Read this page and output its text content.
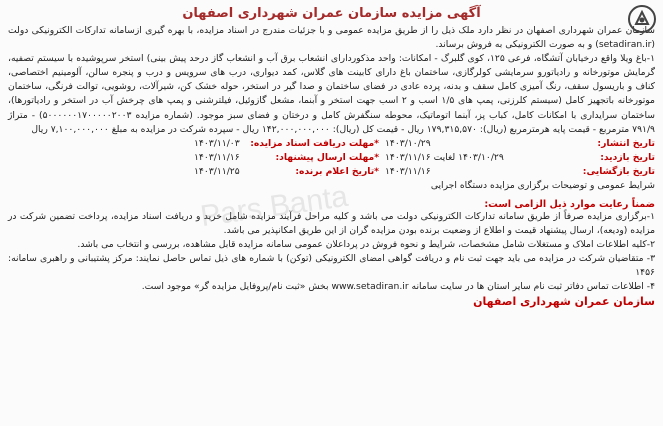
آگهی مزایده سازمان عمران شهرداری اصفهان

سازمان عمران شهرداری اصفهان در نظر دارد ملک ذیل را از طریق مزایده عمومی و با جزئیات مندرج در اسناد مزایده، با بهره گیری ازسامانه تدارکات الکترونیکی دولت (setadiran.ir) و به صورت الکترونیکی به فروش برساند.

۱-باغ ویلا واقع درخیابان آتشگاه، فرعی ۱۲۵، کوی گلبرگ - امکانات: واحد مذکوردارای انشعاب برق آب و انشعاب گاز درحد پیش بینی) استخر سرپوشیده با سیستم تصفیه، گرمایش موتورخانه و رادیاتورو سرمایشی کولرگازی، ساختمان باغ دارای کابینت های گلاس، کمد دیواری، درب های سرویس و درب و پنجره سالن، آلومینیم اختصاصی، کناف و باریسول سقف، رنگ آمیزی کامل سقف و بدنه، پرده عادی در فضای ساختمان و صدا گیر در استخر، حوله خشک کن، شیرآلات، روشویی، توالت فرنگی، ساختمان موتورخانه باتجهیز کامل (سیستم کلرزنی، پمپ های ۱/۵ اسب و ۲ اسب جهت استخر و آبنما، مشعل گازوئیل، فیلترشنی و پمپ های چرخش آب در استخر و رادیاتورها)، ساختمان سرایداری با امکانات کامل، کباب پز، آبنما اتوماتیک، محوطه سنگفرش کامل و درختان و فضای سبز موجود. (شماره مزایده ۵۰۰۰۰۰۰۱۷۰۰۰۰۰۲۰۰۳) - متراژ ۷۹۱/۹ مترمربع - قیمت پایه هرمترمربع (ریال): ۱۷۹,۳۱۵,۵۷۰ ریال - قیمت کل (ریال): ۱۴۲,۰۰۰,۰۰۰,۰۰۰ ریال - سپرده شرکت در مزایده به مبلغ ۷,۱۰۰,۰۰۰,۰۰۰ ریال

تاریخ انتشار:
۱۴۰۳/۱۰/۲۹
*مهلت دریافت اسناد مزایده:
۱۴۰۳/۱۱/۰۳
تاریخ بازدید:
۱۴۰۳/۱۰/۲۹ لغایت ۱۴۰۳/۱۱/۱۶
*مهلت ارسال پیشنهاد:
۱۴۰۳/۱۱/۱۶
تاریخ بازگشایی:
۱۴۰۳/۱۱/۱۶
*تاریخ اعلام برنده:
۱۴۰۳/۱۱/۲۵

شرایط عمومی و توضیحات برگزاری مزایده دستگاه اجرایی

ضمناً رعایت موارد ذیل الزامی است:

۱-برگزاری مزایده صرفاً از طریق سامانه تدارکات الکترونیکی دولت می باشد و کلیه مراحل فرآیند مزایده شامل خرید و دریافت اسناد مزایده، پرداخت تضمین شرکت در مزایده (ودیعه)، ارسال پیشنهاد قیمت و اطلاع از وضعیت برنده بودن مزایده گران از این طریق امکانپذیر می باشد.

۲-کلیه اطلاعات املاک و مستغلات شامل مشخصات، شرایط و نحوه فروش در پرداعلان عمومی سامانه مزایده قابل مشاهده، بررسی و انتخاب می باشد.

۳- متقاضیان شرکت در مزایده می باید جهت ثبت نام و دریافت گواهی امضای الکترونیکی (توکن) با شماره های ذیل تماس حاصل نمایند: مرکز پشتیبانی و راهبری سامانه: ۱۴۵۶

۴- اطلاعات تماس دفاتر ثبت نام سایر استان ها در سایت سامانه www.setadiran.ir بخش «ثبت نام/پروفایل مزایده گر» موجود است.

سازمان عمران شهرداری اصفهان
Pars Banta
